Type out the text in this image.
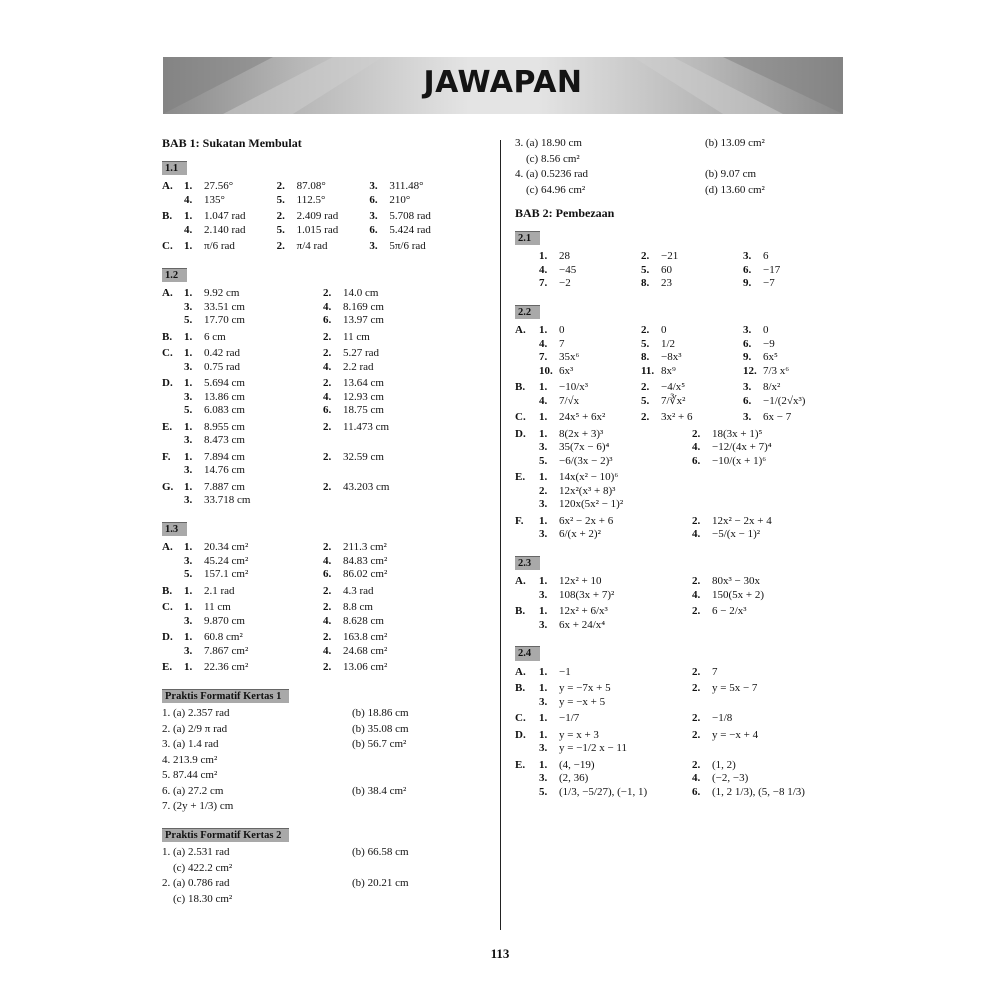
JAWAPAN
BAB 1: Sukatan Membulat
1.1
A.	1.	27.56°	2.	87.08°	3.	311.48°
4.	135°	5.	112.5°	6.	210°
B.	1.	1.047 rad	2.	2.409 rad	3.	5.708 rad
4.	2.140 rad	5.	1.015 rad	6.	5.424 rad
C.	1.	π/6 rad	2.	π/4 rad	3.	5π/6 rad
1.2
A.	1.	9.92 cm	2.	14.0 cm
3.	33.51 cm	4.	8.169 cm
5.	17.70 cm	6.	13.97 cm
B.	1.	6 cm	2.	11 cm
C.	1.	0.42 rad	2.	5.27 rad
3.	0.75 rad	4.	2.2 rad
D.	1.	5.694 cm	2.	13.64 cm
3.	13.86 cm	4.	12.93 cm
5.	6.083 cm	6.	18.75 cm
E.	1.	8.955 cm	2.	11.473 cm
3.	8.473 cm
F.	1.	7.894 cm	2.	32.59 cm
3.	14.76 cm
G. 1.	7.887 cm	2.	43.203 cm
3.	33.718 cm
1.3
A.	1.	20.34 cm²	2.	211.3 cm²
3.	45.24 cm²	4.	84.83 cm²
5.	157.1 cm²	6.	86.02 cm²
B.	1.	2.1 rad	2.	4.3 rad
C.	1.	11 cm	2.	8.8 cm
3.	9.870 cm	4.	8.628 cm
D.	1.	60.8 cm²	2.	163.8 cm²
3.	7.867 cm²	4.	24.68 cm²
E.	1.	22.36 cm²	2.	13.06 cm²
Praktis Formatif Kertas 1
1. (a) 2.357 rad	(b) 18.86 cm
2. (a) 2/9 π rad	(b) 35.08 cm
3. (a) 1.4 rad	(b) 56.7 cm²
4. 213.9 cm²
5. 87.44 cm²
6. (a) 27.2 cm	(b) 38.4 cm²
7. (2y + 1/3) cm
Praktis Formatif Kertas 2
1. (a) 2.531 rad	(b) 66.58 cm
(c) 422.2 cm²
2. (a) 0.786 rad	(b) 20.21 cm
(c) 18.30 cm²
3. (a) 18.90 cm	(b) 13.09 cm²
(c) 8.56 cm²
4. (a) 0.5236 rad	(b) 9.07 cm
(c) 64.96 cm²	(d) 13.60 cm²
BAB 2: Pembezaan
2.1
1.	28	2.	−21	3.	6
4.	−45	5.	60	6.	−17
7.	−2	8.	23	9.	−7
2.2
A.	1.	0	2.	0	3.	0
4.	7	5.	1/2	6.	−9
7.	35x⁶	8.	−8x³	9.	6x⁵
10. 6x³	11. 8x⁹	12. 7/3 x⁶
B.	1.	−10/x³	2.	−4/x⁵	3.	8/x²
4.	7/√x	5.	7/∛x²	6.	−1/(2√x³)
C.	1.	24x⁵ + 6x²	2.	3x² + 6	3.	6x − 7
D.	1.	8(2x + 3)³	2.	18(3x + 1)⁵
3.	35(7x − 6)⁴	4.	−12/(4x + 7)⁴
5.	−6/(3x − 2)³	6.	−10/(x + 1)⁶
E.	1.	14x(x² − 10)⁶
2.	12x²(x³ + 8)³
3.	120x(5x² − 1)²
F.	1.	6x² − 2x + 6	2.	12x² − 2x + 4
3.	6/(x + 2)²	4.	−5/(x − 1)²
2.3
A.	1.	12x² + 10	2.	80x³ − 30x
3.	108(3x + 7)²	4.	150(5x + 2)
B.	1.	12x² + 6/x³	2.	6 − 2/x³
3.	6x + 24/x⁴
2.4
A.	1.	−1	2.	7
B.	1.	y = −7x + 5	2.	y = 5x − 7
3.	y = −x + 5
C.	1.	−1/7	2.	−1/8
D.	1.	y = x + 3	2.	y = −x + 4
3.	y = −1/2 x − 11
E.	1.	(4, −19)	2.	(1, 2)
3.	(2, 36)	4.	(−2, −3)
5.	(1/3, −5/27), (−1, 1)	6.	(1, 2 1/3), (5, −8 1/3)
113
